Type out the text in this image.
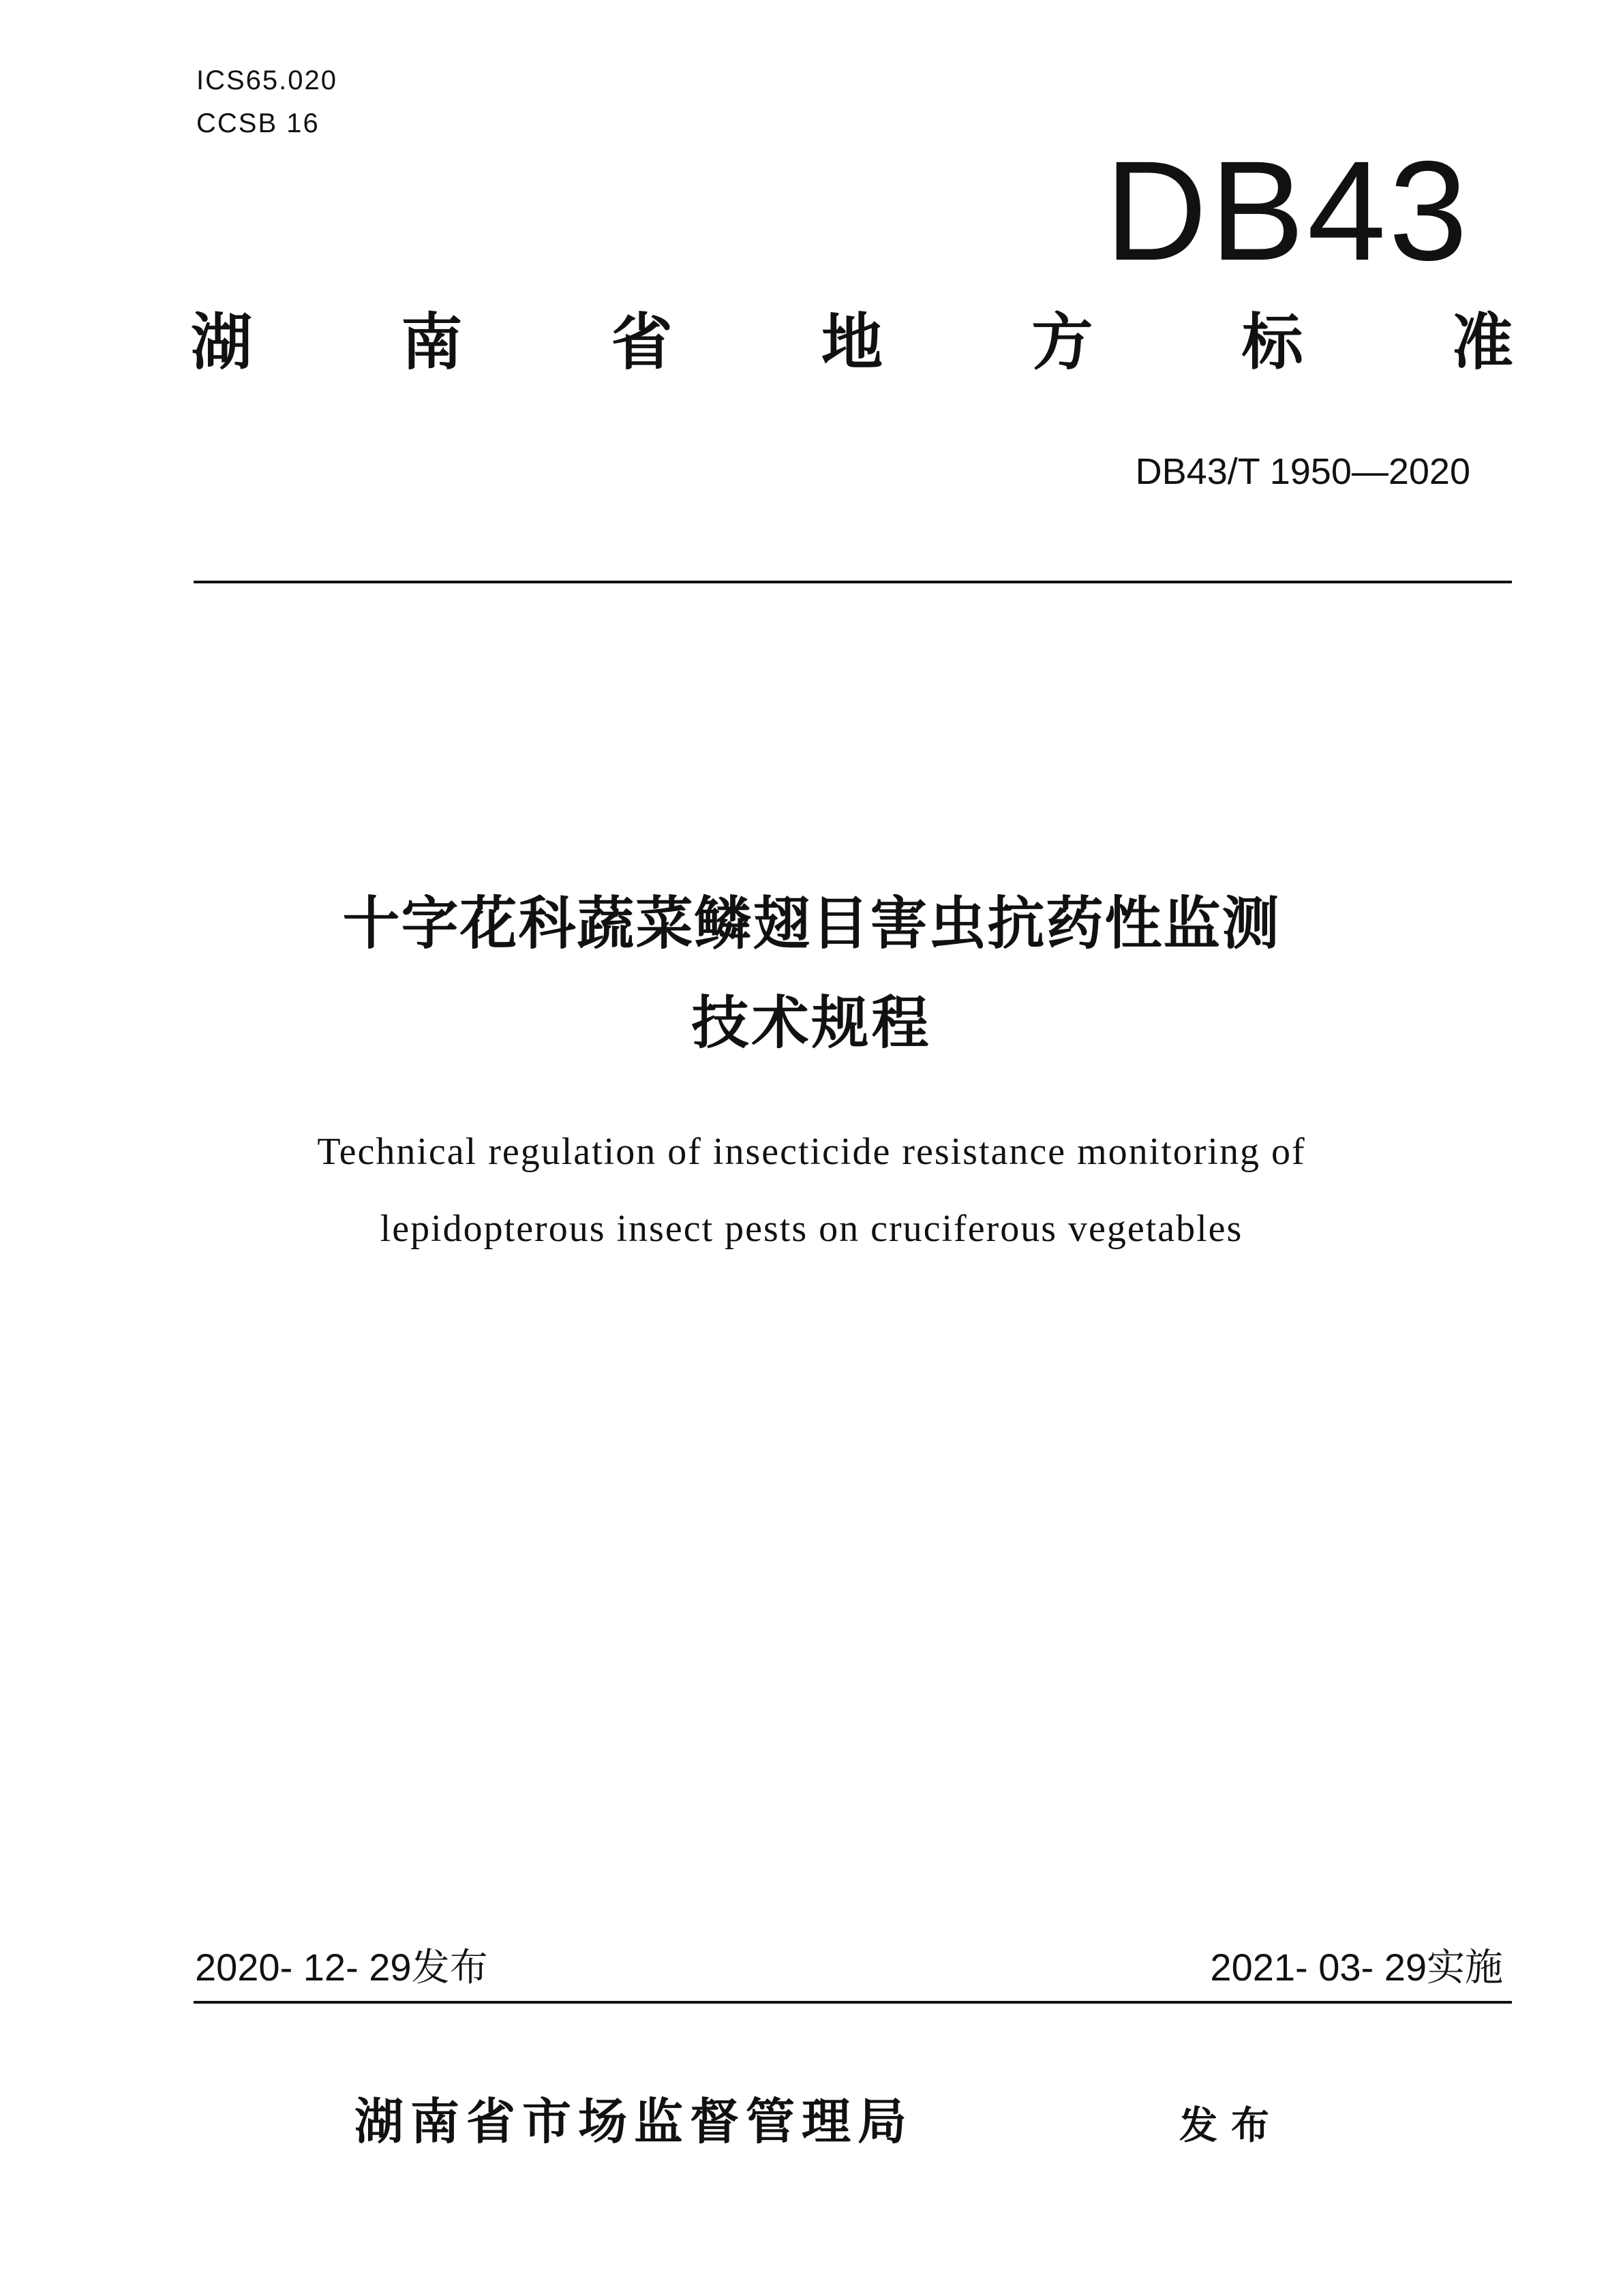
ICS65.020
CCSB 16
DB43
湖 南 省 地 方 标 准
DB43/T 1950—2020
十字花科蔬菜鳞翅目害虫抗药性监测
技术规程
Technical regulation of insecticide resistance monitoring of
lepidopterous insect pests on cruciferous vegetables
2020- 12- 29发布	2021- 03- 29实施
湖南省市场监督管理局	发布
